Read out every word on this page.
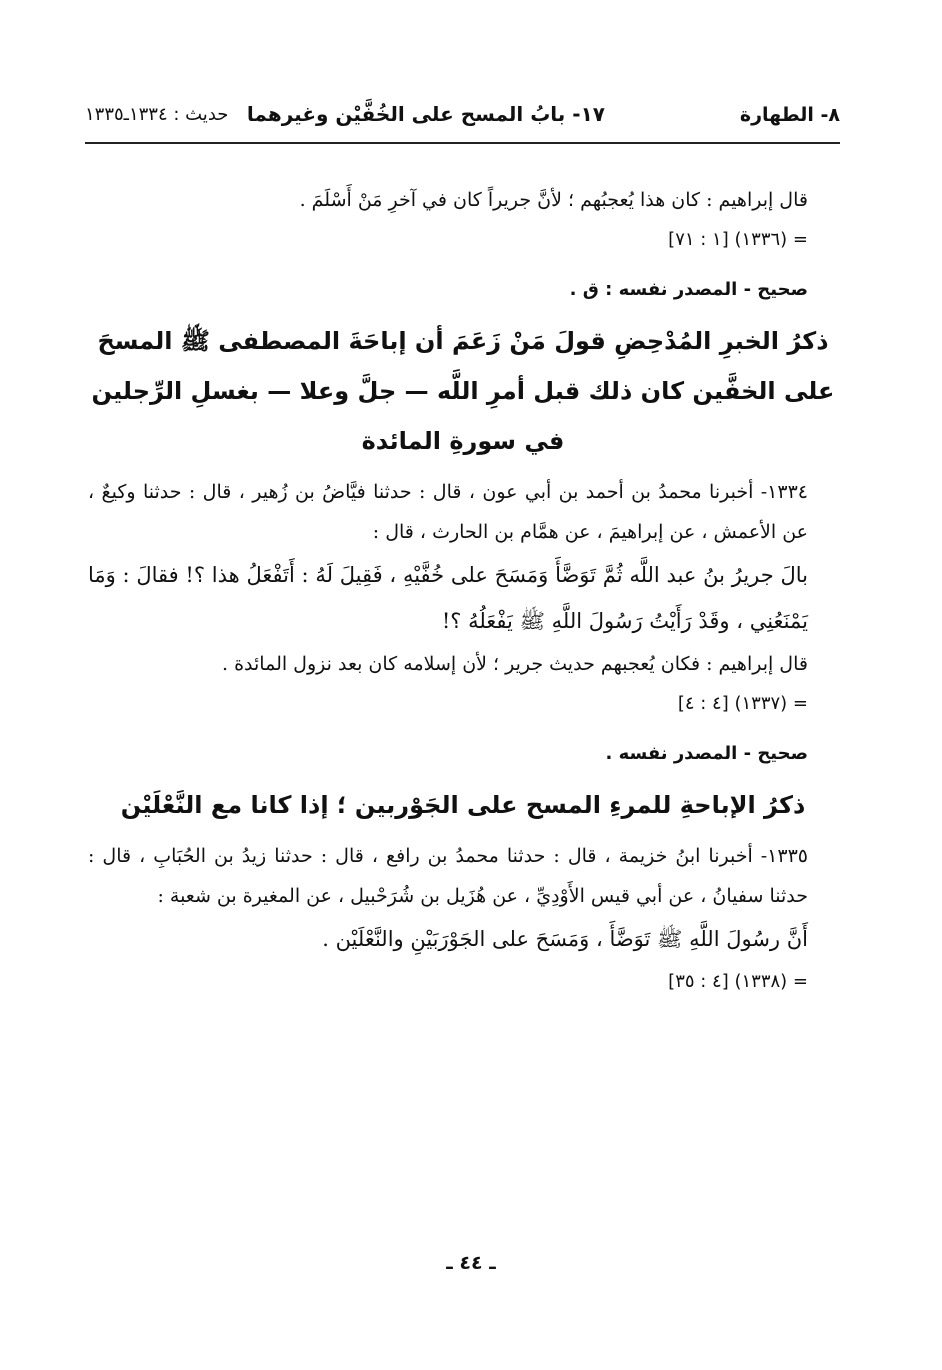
٨- الطهارة
١٧- بابُ المسح على الخُفَّيْن وغيرهما
حديث : ١٣٣٤ـ١٣٣٥

قال إبراهيم : كان هذا يُعجبُهم ؛ لأنَّ جريراً كان في آخرِ مَنْ أَسْلَمَ .

= (١٣٣٦) [١ : ٧١]

صحيح - المصدر نفسه : ق .

ذكرُ الخبرِ المُدْحِضِ قولَ مَنْ زَعَمَ أن إباحَةَ المصطفى ﷺ المسحَ على الخفَّين كان ذلك قبل أمرِ اللَّه — جلَّ وعلا — بغسلِ الرِّجلين في سورةِ المائدة

١٣٣٤- أخبرنا محمدُ بن أحمد بن أبي عون ، قال : حدثنا فيَّاضُ بن زُهير ، قال : حدثنا وكيعٌ ، عن الأعمش ، عن إبراهيمَ ، عن همَّام بن الحارث ، قال :

بالَ جريرُ بنُ عبد اللَّه ثُمَّ تَوَضَّأَ وَمَسَحَ على خُفَّيْهِ ، فَقِيلَ لَهُ : أَتَفْعَلُ هذا ؟! فقالَ : وَمَا يَمْنَعُنِي ، وقَدْ رَأَيْتُ رَسُولَ اللَّهِ ﷺ يَفْعَلُهُ ؟!

قال إبراهيم : فكان يُعجبهم حديث جرير ؛ لأن إسلامه كان بعد نزول المائدة .

= (١٣٣٧) [٤ : ٤]

صحيح - المصدر نفسه .

ذكرُ الإباحةِ للمرءِ المسح على الجَوْربين ؛ إذا كانا مع النَّعْلَيْن

١٣٣٥- أخبرنا ابنُ خزيمة ، قال : حدثنا محمدُ بن رافع ، قال : حدثنا زيدُ بن الحُبَابِ ، قال : حدثنا سفيانُ ، عن أبي قيس الأَوْدِيِّ ، عن هُزَيل بن شُرَحْبيل ، عن المغيرة بن شعبة :

أَنَّ رسُولَ اللَّهِ ﷺ تَوَضَّأَ ، وَمَسَحَ على الجَوْرَبَيْنِ والنَّعْلَيْن .

= (١٣٣٨) [٤ : ٣٥]

ـ ٤٤ ـ
